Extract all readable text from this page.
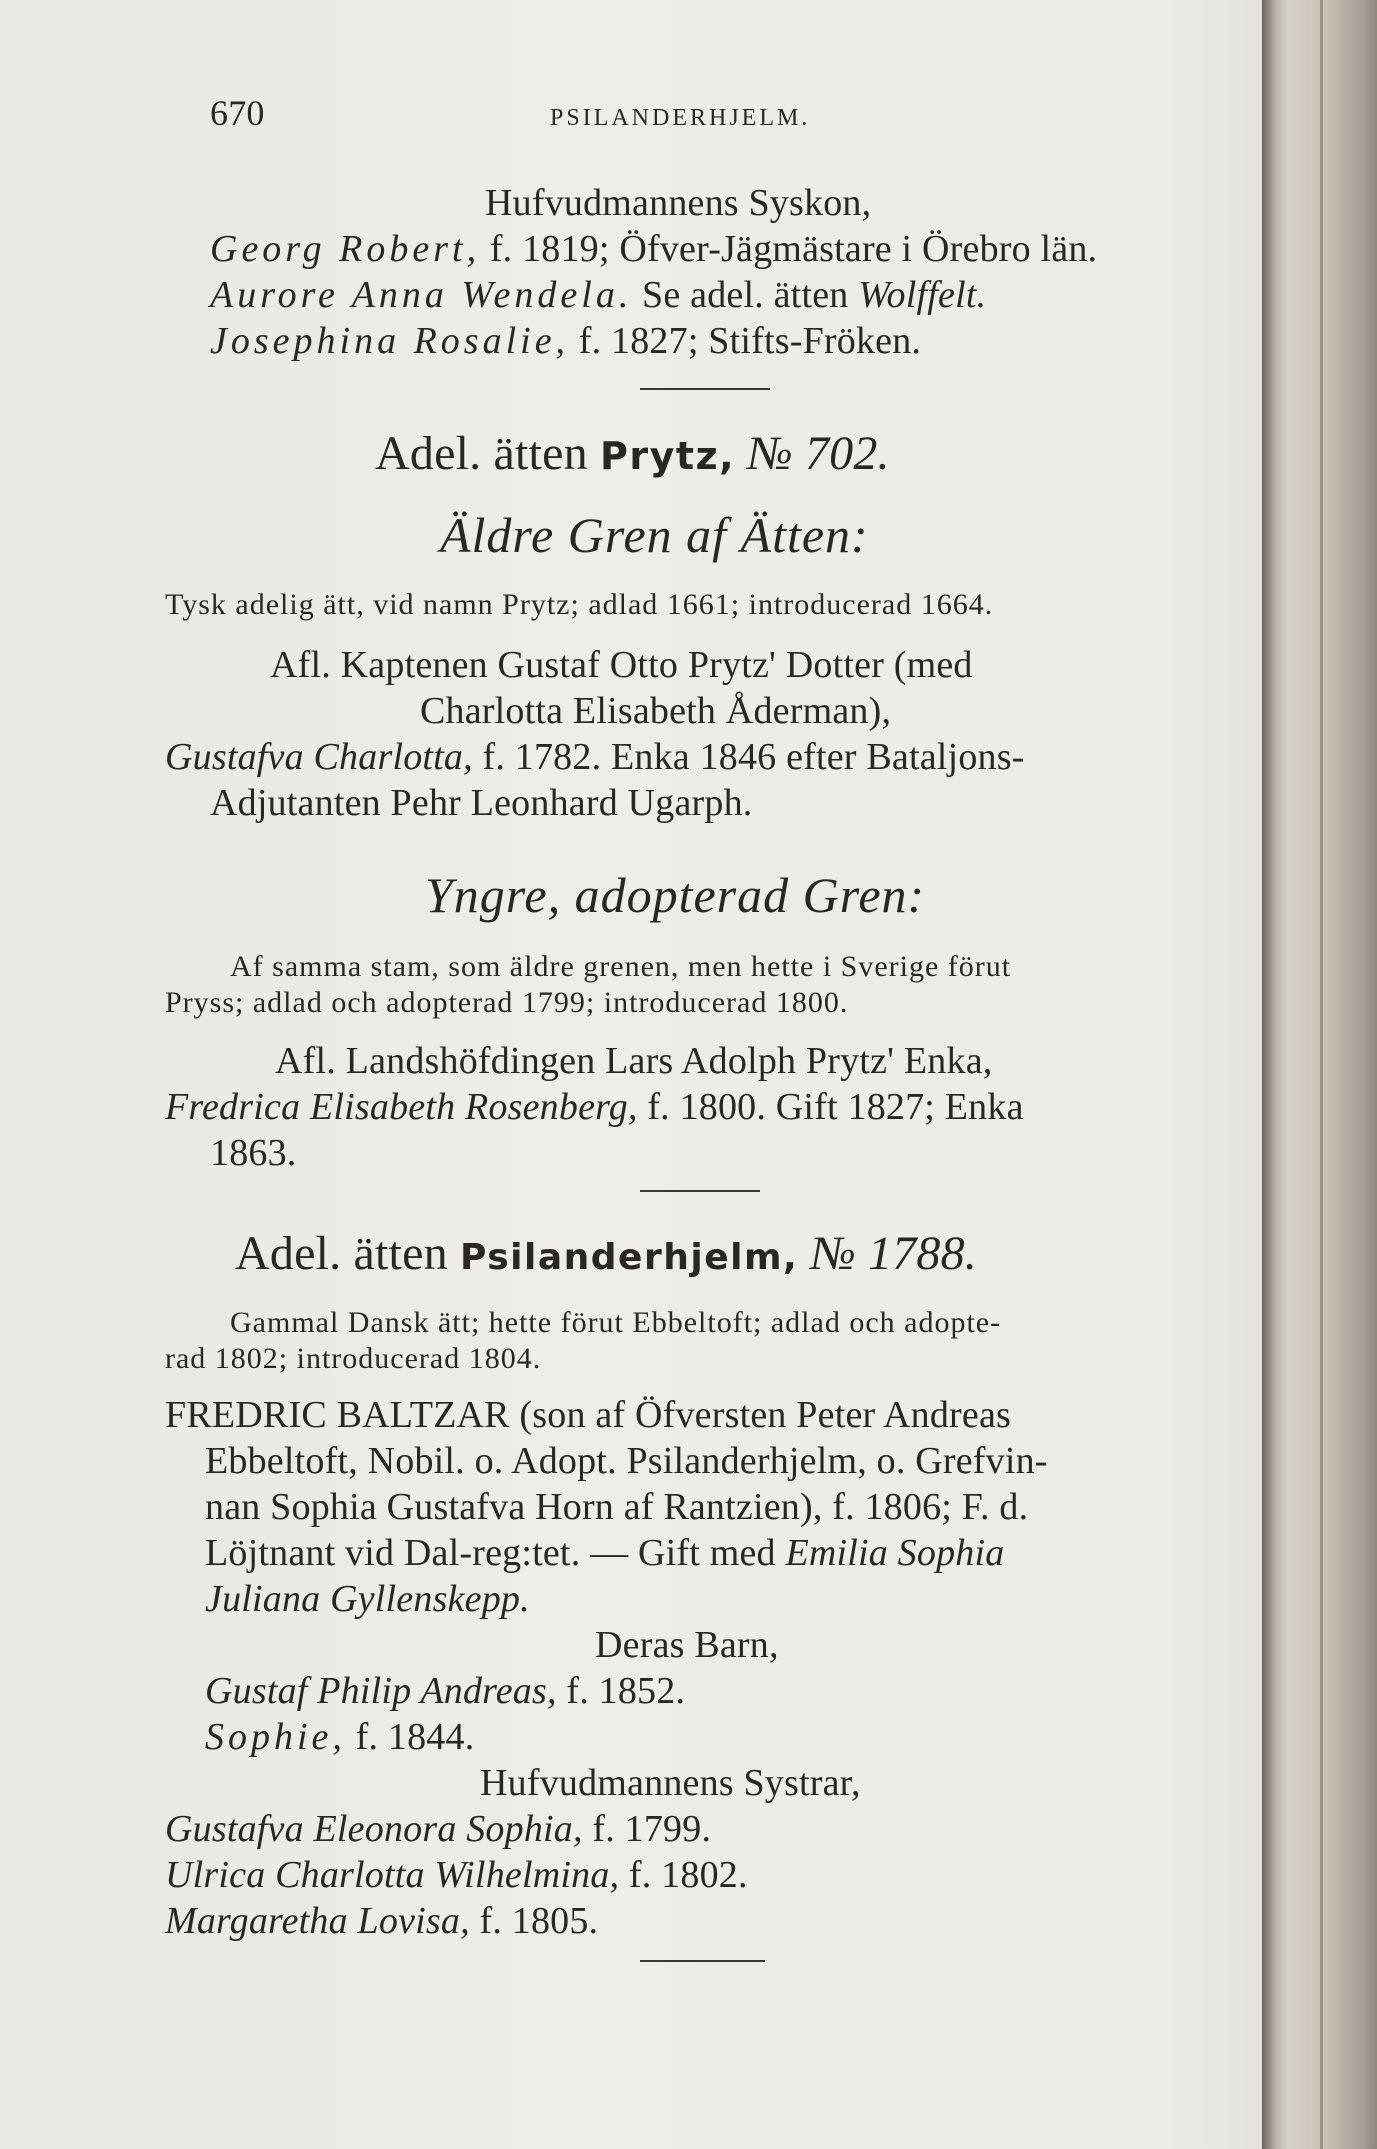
670	PSILANDERHJELM.
Hufvudmannens Syskon,
Georg Robert, f. 1819; Öfver-Jägmästare i Örebro län.
Aurore Anna Wendela. Se adel. ätten Wolffelt.
Josephina Rosalie, f. 1827; Stifts-Fröken.
Adel. ätten Prytz, № 702.
Äldre Gren af Ätten:
Tysk adelig ätt, vid namn Prytz; adlad 1661; introducerad 1664.
Afl. Kaptenen Gustaf Otto Prytz' Dotter (med
Charlotta Elisabeth Åderman),
Gustafva Charlotta, f. 1782. Enka 1846 efter Bataljons-
Adjutanten Pehr Leonhard Ugarph.
Yngre, adopterad Gren:
Af samma stam, som äldre grenen, men hette i Sverige förut
Pryss; adlad och adopterad 1799; introducerad 1800.
Afl. Landshöfdingen Lars Adolph Prytz' Enka,
Fredrica Elisabeth Rosenberg, f. 1800. Gift 1827; Enka
1863.
Adel. ätten Psilanderhjelm, № 1788.
Gammal Dansk ätt; hette förut Ebbeltoft; adlad och adopte-
rad 1802; introducerad 1804.
FREDRIC BALTZAR (son af Öfversten Peter Andreas
Ebbeltoft, Nobil. o. Adopt. Psilanderhjelm, o. Grefvin-
nan Sophia Gustafva Horn af Rantzien), f. 1806; F. d.
Löjtnant vid Dal-reg:tet. — Gift med Emilia Sophia
Juliana Gyllenskepp.
Deras Barn,
Gustaf Philip Andreas, f. 1852.
Sophie, f. 1844.
Hufvudmannens Systrar,
Gustafva Eleonora Sophia, f. 1799.
Ulrica Charlotta Wilhelmina, f. 1802.
Margaretha Lovisa, f. 1805.
